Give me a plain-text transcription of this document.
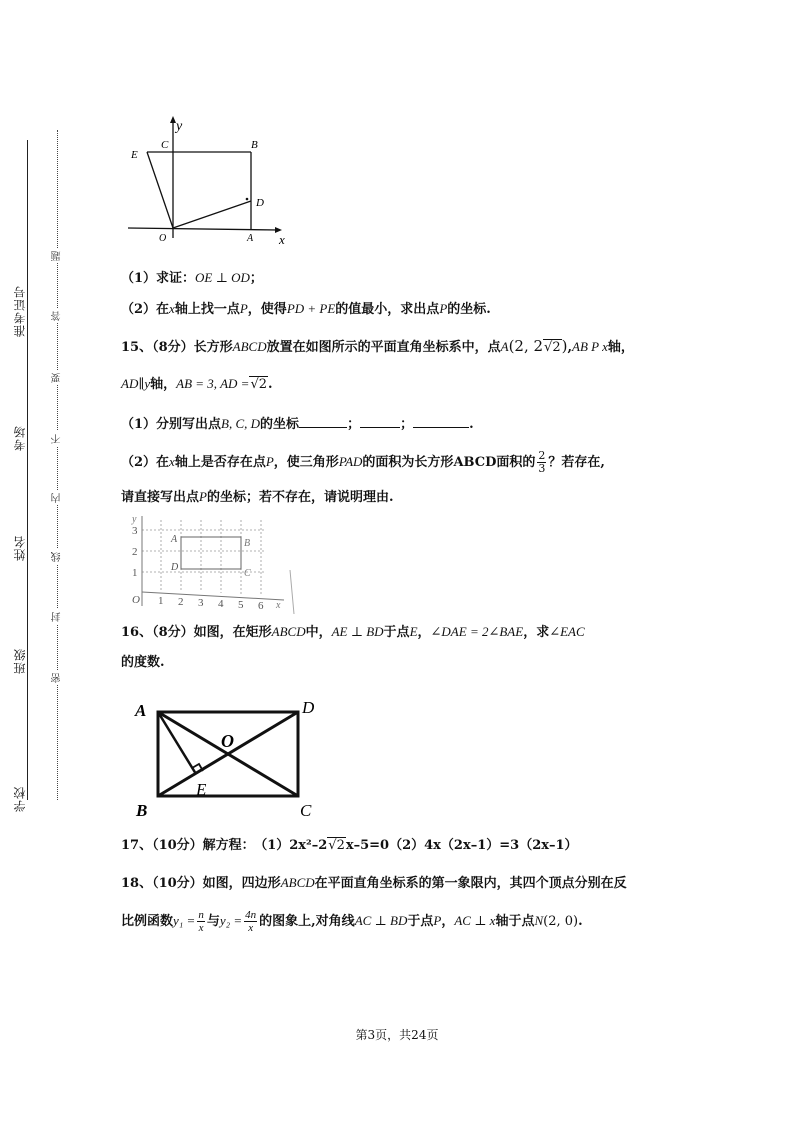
准考证号
考场
姓名
班级
学校
题
答
要
不
内
线
封
密
y
C	B
E
D
O	A x
（1）求证：OE ⊥ OD；
（2）在x轴上找一点P，使得PD + PE的值最小，求出点P的坐标.
15、（8分）长方形ABCD放置在如图所示的平面直角坐标系中，点A(2, 2√2),AB P x轴，
AD∥y轴，AB = 3, AD =√2.
（1）分别写出点B, C, D的坐标	；	；	.
（2）在x轴上是否存在点P，使三角形PAD的面积为长方形ABCD面积的 $\frac{2}{3}$ ？若存在,
请直接写出点P的坐标；若不存在，请说明理由.
y
3
2
1
O 1 2 3 4 5 6 x
A	B
C
D
16、（8分）如图，在矩形ABCD中，AE ⊥ BD于点E，∠DAE = 2∠BAE，求∠EAC
的度数.
A	D
O
E
B	C
17、（10分）解方程： （1）2x²–2√2x–5=0（2）4x（2x–1）=3（2x–1）
18、（10分）如图，四边形ABCD在平面直角坐标系的第一象限内，其四个顶点分别在反
比例函数$y_1 = \frac{n}{x}$ 与$y_2 = \frac{4n}{x}$ 的图象上,对角线AC ⊥ BD于点P，AC ⊥ x轴于点N(2, 0).
第3页，共24页
